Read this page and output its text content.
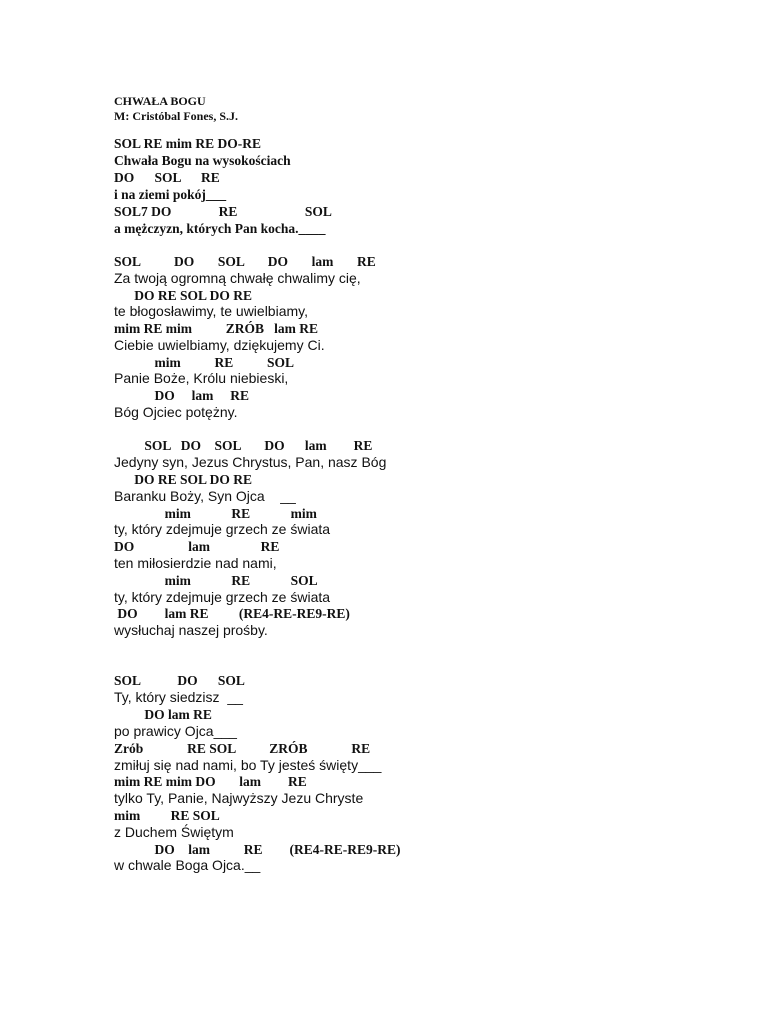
CHWAŁA BOGU
M: Cristóbal Fones, S.J.
SOL RE mim RE DO-RE
Chwała Bogu na wysokościach
DO      SOL      RE
i na ziemi pokój___
SOL7 DO              RE                    SOL
a mężczyzn, których Pan kocha.____
SOL          DO       SOL       DO       lam       RE
Za twoją ogromną chwałę chwalimy cię,
DO RE SOL DO RE
te błogosławimy, te uwielbiamy,
mim RE mim          ZRÓB   lam RE
Ciebie uwielbiamy, dziękujemy Ci.
mim          RE          SOL
Panie Boże, Królu niebieski,
DO     lam     RE
Bóg Ojciec potężny.
SOL   DO    SOL       DO      lam        RE
Jedyny syn, Jezus Chrystus, Pan, nasz Bóg
DO RE SOL DO RE
Baranku Boży, Syn Ojca    __
mim            RE            mim
ty, który zdejmuje grzech ze świata
DO                lam               RE
ten miłosierdzie nad nami,
mim            RE            SOL
ty, który zdejmuje grzech ze świata
DO        lam RE         (RE4-RE-RE9-RE)
wysłuchaj naszej prośby.
SOL           DO      SOL
Ty, który siedzisz  __
DO lam RE
po prawicy Ojca___
Zrób             RE SOL          ZRÓB             RE
zmiłuj się nad nami, bo Ty jesteś święty___
mim RE mim DO       lam        RE
tylko Ty, Panie, Najwyższy Jezu Chryste
mim         RE SOL
z Duchem Świętym
DO    lam          RE        (RE4-RE-RE9-RE)
w chwale Boga Ojca.__
